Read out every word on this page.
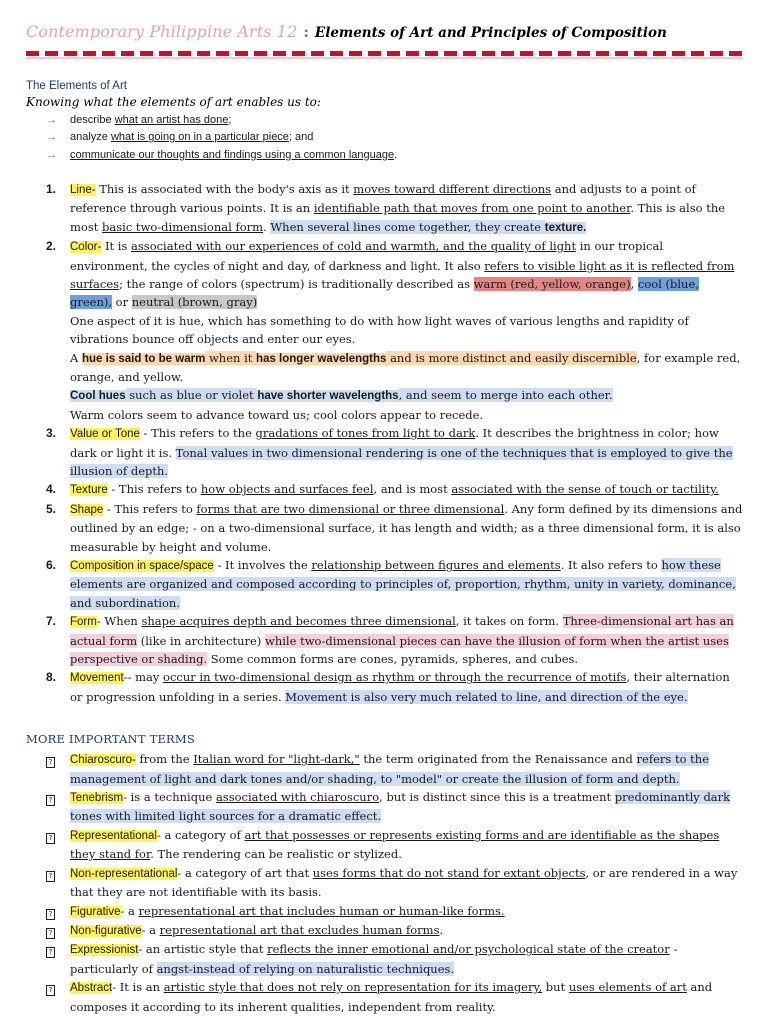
Contemporary Philippine Arts 12 : Elements of Art and Principles of Composition
The Elements of Art
Knowing what the elements of art enables us to:
→	describe what an artist has done;
→	analyze what is going on in a particular piece; and
→	communicate our thoughts and findings using a common language.
1.	Line- This is associated with the body's axis as it moves toward different directions and adjusts to a point of reference through various points. It is an identifiable path that moves from one point to another. This is also the most basic two-dimensional form. When several lines come together, they create texture.
2.	Color- It is associated with our experiences of cold and warmth, and the quality of light in our tropical environment, the cycles of night and day, of darkness and light. It also refers to visible light as it is reflected from surfaces; the range of colors (spectrum) is traditionally described as warm (red, yellow, orange), cool (blue, green), or neutral (brown, gray)
One aspect of it is hue, which has something to do with how light waves of various lengths and rapidity of vibrations bounce off objects and enter our eyes.
A hue is said to be warm when it has longer wavelengths and is more distinct and easily discernible, for example red, orange, and yellow.
Cool hues such as blue or violet have shorter wavelengths, and seem to merge into each other.
Warm colors seem to advance toward us; cool colors appear to recede.
3.	Value or Tone - This refers to the gradations of tones from light to dark. It describes the brightness in color; how dark or light it is. Tonal values in two dimensional rendering is one of the techniques that is employed to give the illusion of depth.
4.	Texture - This refers to how objects and surfaces feel, and is most associated with the sense of touch or tactility.
5.	Shape - This refers to forms that are two dimensional or three dimensional. Any form defined by its dimensions and outlined by an edge; - on a two-dimensional surface, it has length and width; as a three dimensional form, it is also measurable by height and volume.
6.	Composition in space/space - It involves the relationship between figures and elements. It also refers to how these elements are organized and composed according to principles of, proportion, rhythm, unity in variety, dominance, and subordination.
7.	Form- When shape acquires depth and becomes three dimensional, it takes on form. Three-dimensional art has an actual form (like in architecture) while two-dimensional pieces can have the illusion of form when the artist uses perspective or shading. Some common forms are cones, pyramids, spheres, and cubes.
8.	Movement-- may occur in two-dimensional design as rhythm or through the recurrence of motifs, their alternation or progression unfolding in a series. Movement is also very much related to line, and direction of the eye.
MORE IMPORTANT TERMS
?	Chiaroscuro- from the Italian word for "light-dark," the term originated from the Renaissance and refers to the management of light and dark tones and/or shading, to "model" or create the illusion of form and depth.
?	Tenebrism- is a technique associated with chiaroscuro, but is distinct since this is a treatment predominantly dark tones with limited light sources for a dramatic effect.
?	Representational- a category of art that possesses or represents existing forms and are identifiable as the shapes they stand for. The rendering can be realistic or stylized.
?	Non-representational- a category of art that uses forms that do not stand for extant objects, or are rendered in a way that they are not identifiable with its basis.
?	Figurative- a representational art that includes human or human-like forms.
?	Non-figurative- a representational art that excludes human forms.
?	Expressionist- an artistic style that reflects the inner emotional and/or psychological state of the creator - particularly of angst-instead of relying on naturalistic techniques.
?	Abstract- It is an artistic style that does not rely on representation for its imagery, but uses elements of art and composes it according to its inherent qualities, independent from reality.
